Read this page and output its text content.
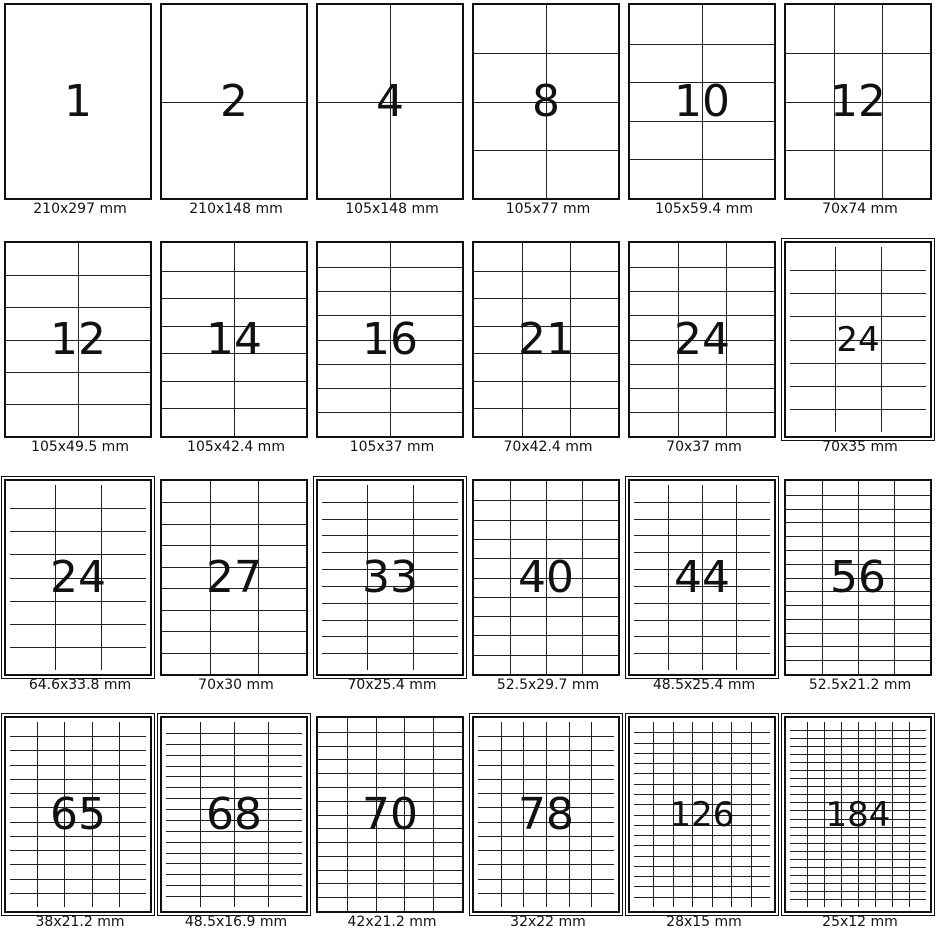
1
210x297 mm
2
210x148 mm
4
105x148 mm
8
105x77 mm
10
105x59.4 mm
12
70x74 mm
12
105x49.5 mm
14
105x42.4 mm
16
105x37 mm
21
70x42.4 mm
24
70x37 mm
24
70x35 mm
24
64.6x33.8 mm
27
70x30 mm
33
70x25.4 mm
40
52.5x29.7 mm
44
48.5x25.4 mm
56
52.5x21.2 mm
65
38x21.2 mm
68
48.5x16.9 mm
70
42x21.2 mm
78
32x22 mm
126
28x15 mm
184
25x12 mm
